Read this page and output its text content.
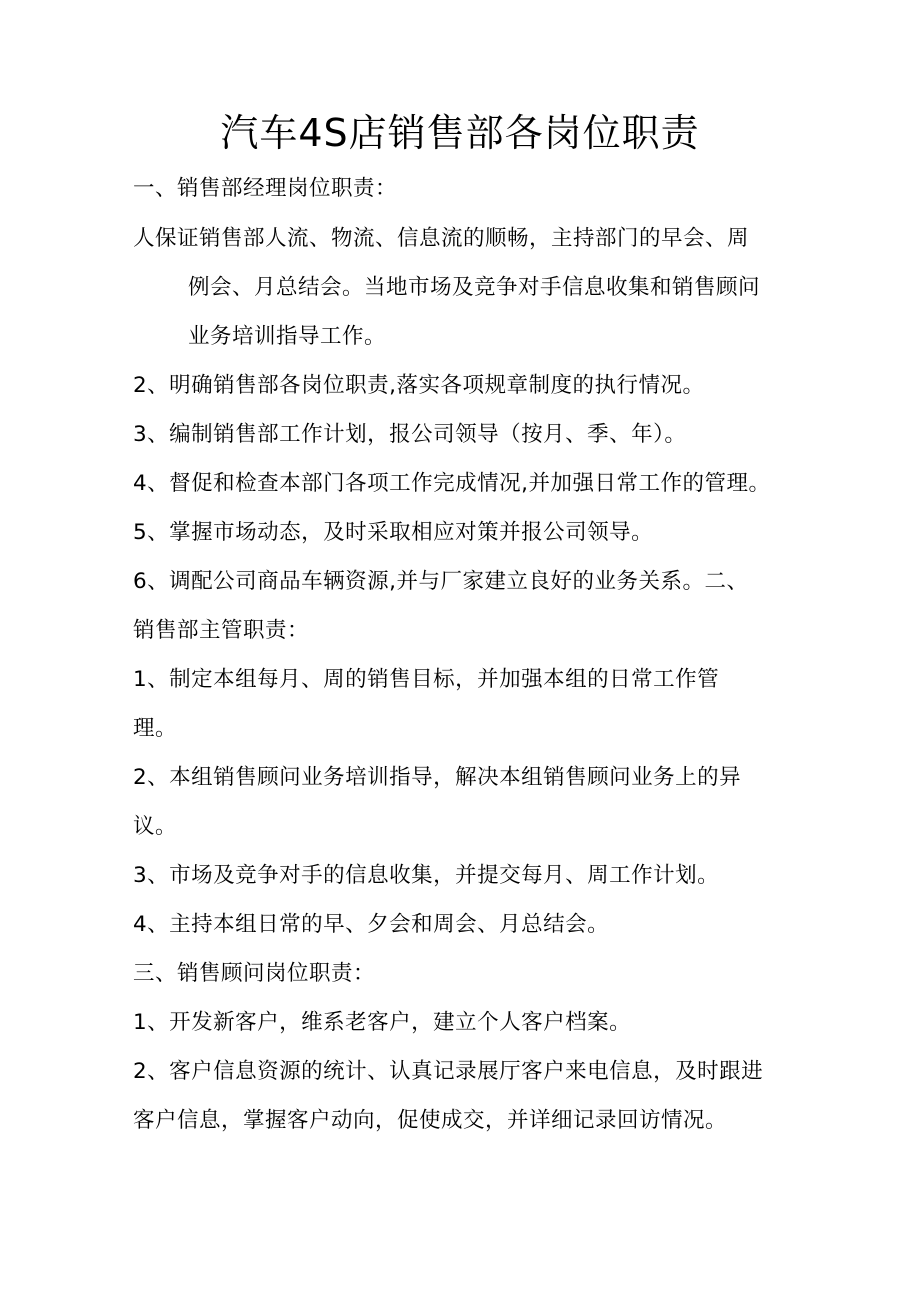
汽车4S店销售部各岗位职责
一、销售部经理岗位职责：
人保证销售部人流、物流、信息流的顺畅，主持部门的早会、周
例会、月总结会。当地市场及竞争对手信息收集和销售顾问
业务培训指导工作。
2、明确销售部各岗位职责,落实各项规章制度的执行情况。
3、编制销售部工作计划，报公司领导（按月、季、年）。
4、督促和检查本部门各项工作完成情况,并加强日常工作的管理。
5、掌握市场动态，及时采取相应对策并报公司领导。
6、调配公司商品车辆资源,并与厂家建立良好的业务关系。二、
销售部主管职责：
1、制定本组每月、周的销售目标，并加强本组的日常工作管
理。
2、本组销售顾问业务培训指导，解决本组销售顾问业务上的异
议。
3、市场及竞争对手的信息收集，并提交每月、周工作计划。
4、主持本组日常的早、夕会和周会、月总结会。
三、销售顾问岗位职责：
1、开发新客户，维系老客户，建立个人客户档案。
2、客户信息资源的统计、认真记录展厅客户来电信息，及时跟进
客户信息，掌握客户动向，促使成交，并详细记录回访情况。
